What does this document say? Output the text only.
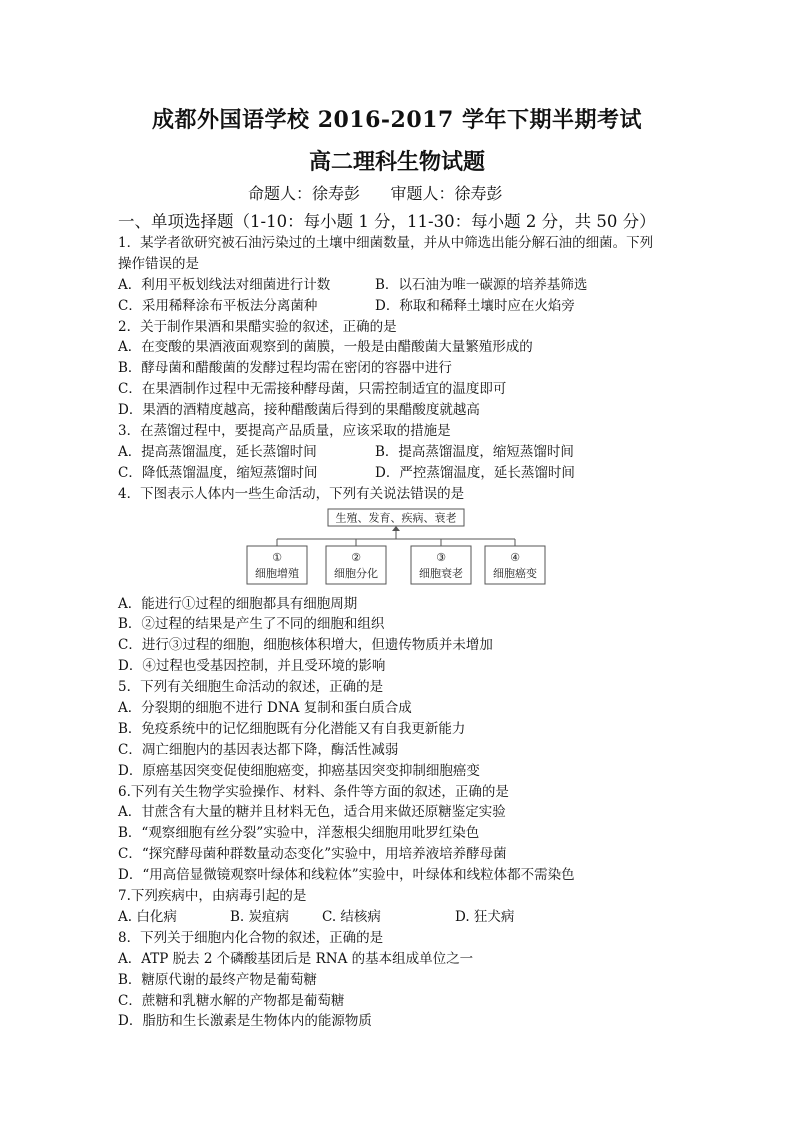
成都外国语学校 2016-2017 学年下期半期考试
高二理科生物试题
命题人：徐寿彭      审题人：徐寿彭
一、单项选择题（1-10：每小题 1 分，11-30：每小题 2 分，共 50 分）
1．某学者欲研究被石油污染过的土壤中细菌数量，并从中筛选出能分解石油的细菌。下列
操作错误的是
A．利用平板划线法对细菌进行计数	B．以石油为唯一碳源的培养基筛选
C．采用稀释涂布平板法分离菌种	D．称取和稀释土壤时应在火焰旁
2．关于制作果酒和果醋实验的叙述，正确的是
A．在变酸的果酒液面观察到的菌膜，一般是由醋酸菌大量繁殖形成的
B．酵母菌和醋酸菌的发酵过程均需在密闭的容器中进行
C．在果酒制作过程中无需接种酵母菌，只需控制适宜的温度即可
D．果酒的酒精度越高，接种醋酸菌后得到的果醋酸度就越高
3．在蒸馏过程中，要提高产品质量，应该采取的措施是
A．提高蒸馏温度，延长蒸馏时间	B．提高蒸馏温度，缩短蒸馏时间
C．降低蒸馏温度，缩短蒸馏时间	D．严控蒸馏温度，延长蒸馏时间
4．下图表示人体内一些生命活动，下列有关说法错误的是
生殖、发育、疾病、衰老
①
细胞增殖
②
细胞分化
③
细胞衰老
④
细胞癌变
A．能进行①过程的细胞都具有细胞周期
B．②过程的结果是产生了不同的细胞和组织
C．进行③过程的细胞，细胞核体积增大，但遗传物质并未增加
D．④过程也受基因控制，并且受环境的影响
5．下列有关细胞生命活动的叙述，正确的是
A．分裂期的细胞不进行 DNA 复制和蛋白质合成
B．免疫系统中的记忆细胞既有分化潜能又有自我更新能力
C．凋亡细胞内的基因表达都下降，酶活性减弱
D．原癌基因突变促使细胞癌变，抑癌基因突变抑制细胞癌变
6.下列有关生物学实验操作、材料、条件等方面的叙述，正确的是
A．甘蔗含有大量的糖并且材料无色，适合用来做还原糖鉴定实验
B．“观察细胞有丝分裂”实验中，洋葱根尖细胞用吡罗红染色
C．“探究酵母菌种群数量动态变化”实验中，用培养液培养酵母菌
D．“用高倍显微镜观察叶绿体和线粒体”实验中，叶绿体和线粒体都不需染色
7.下列疾病中，由病毒引起的是
A. 白化病	B. 炭疽病 C. 结核病	D. 狂犬病
8．下列关于细胞内化合物的叙述，正确的是
A．ATP 脱去 2 个磷酸基团后是 RNA 的基本组成单位之一
B．糖原代谢的最终产物是葡萄糖
C．蔗糖和乳糖水解的产物都是葡萄糖
D．脂肪和生长激素是生物体内的能源物质
